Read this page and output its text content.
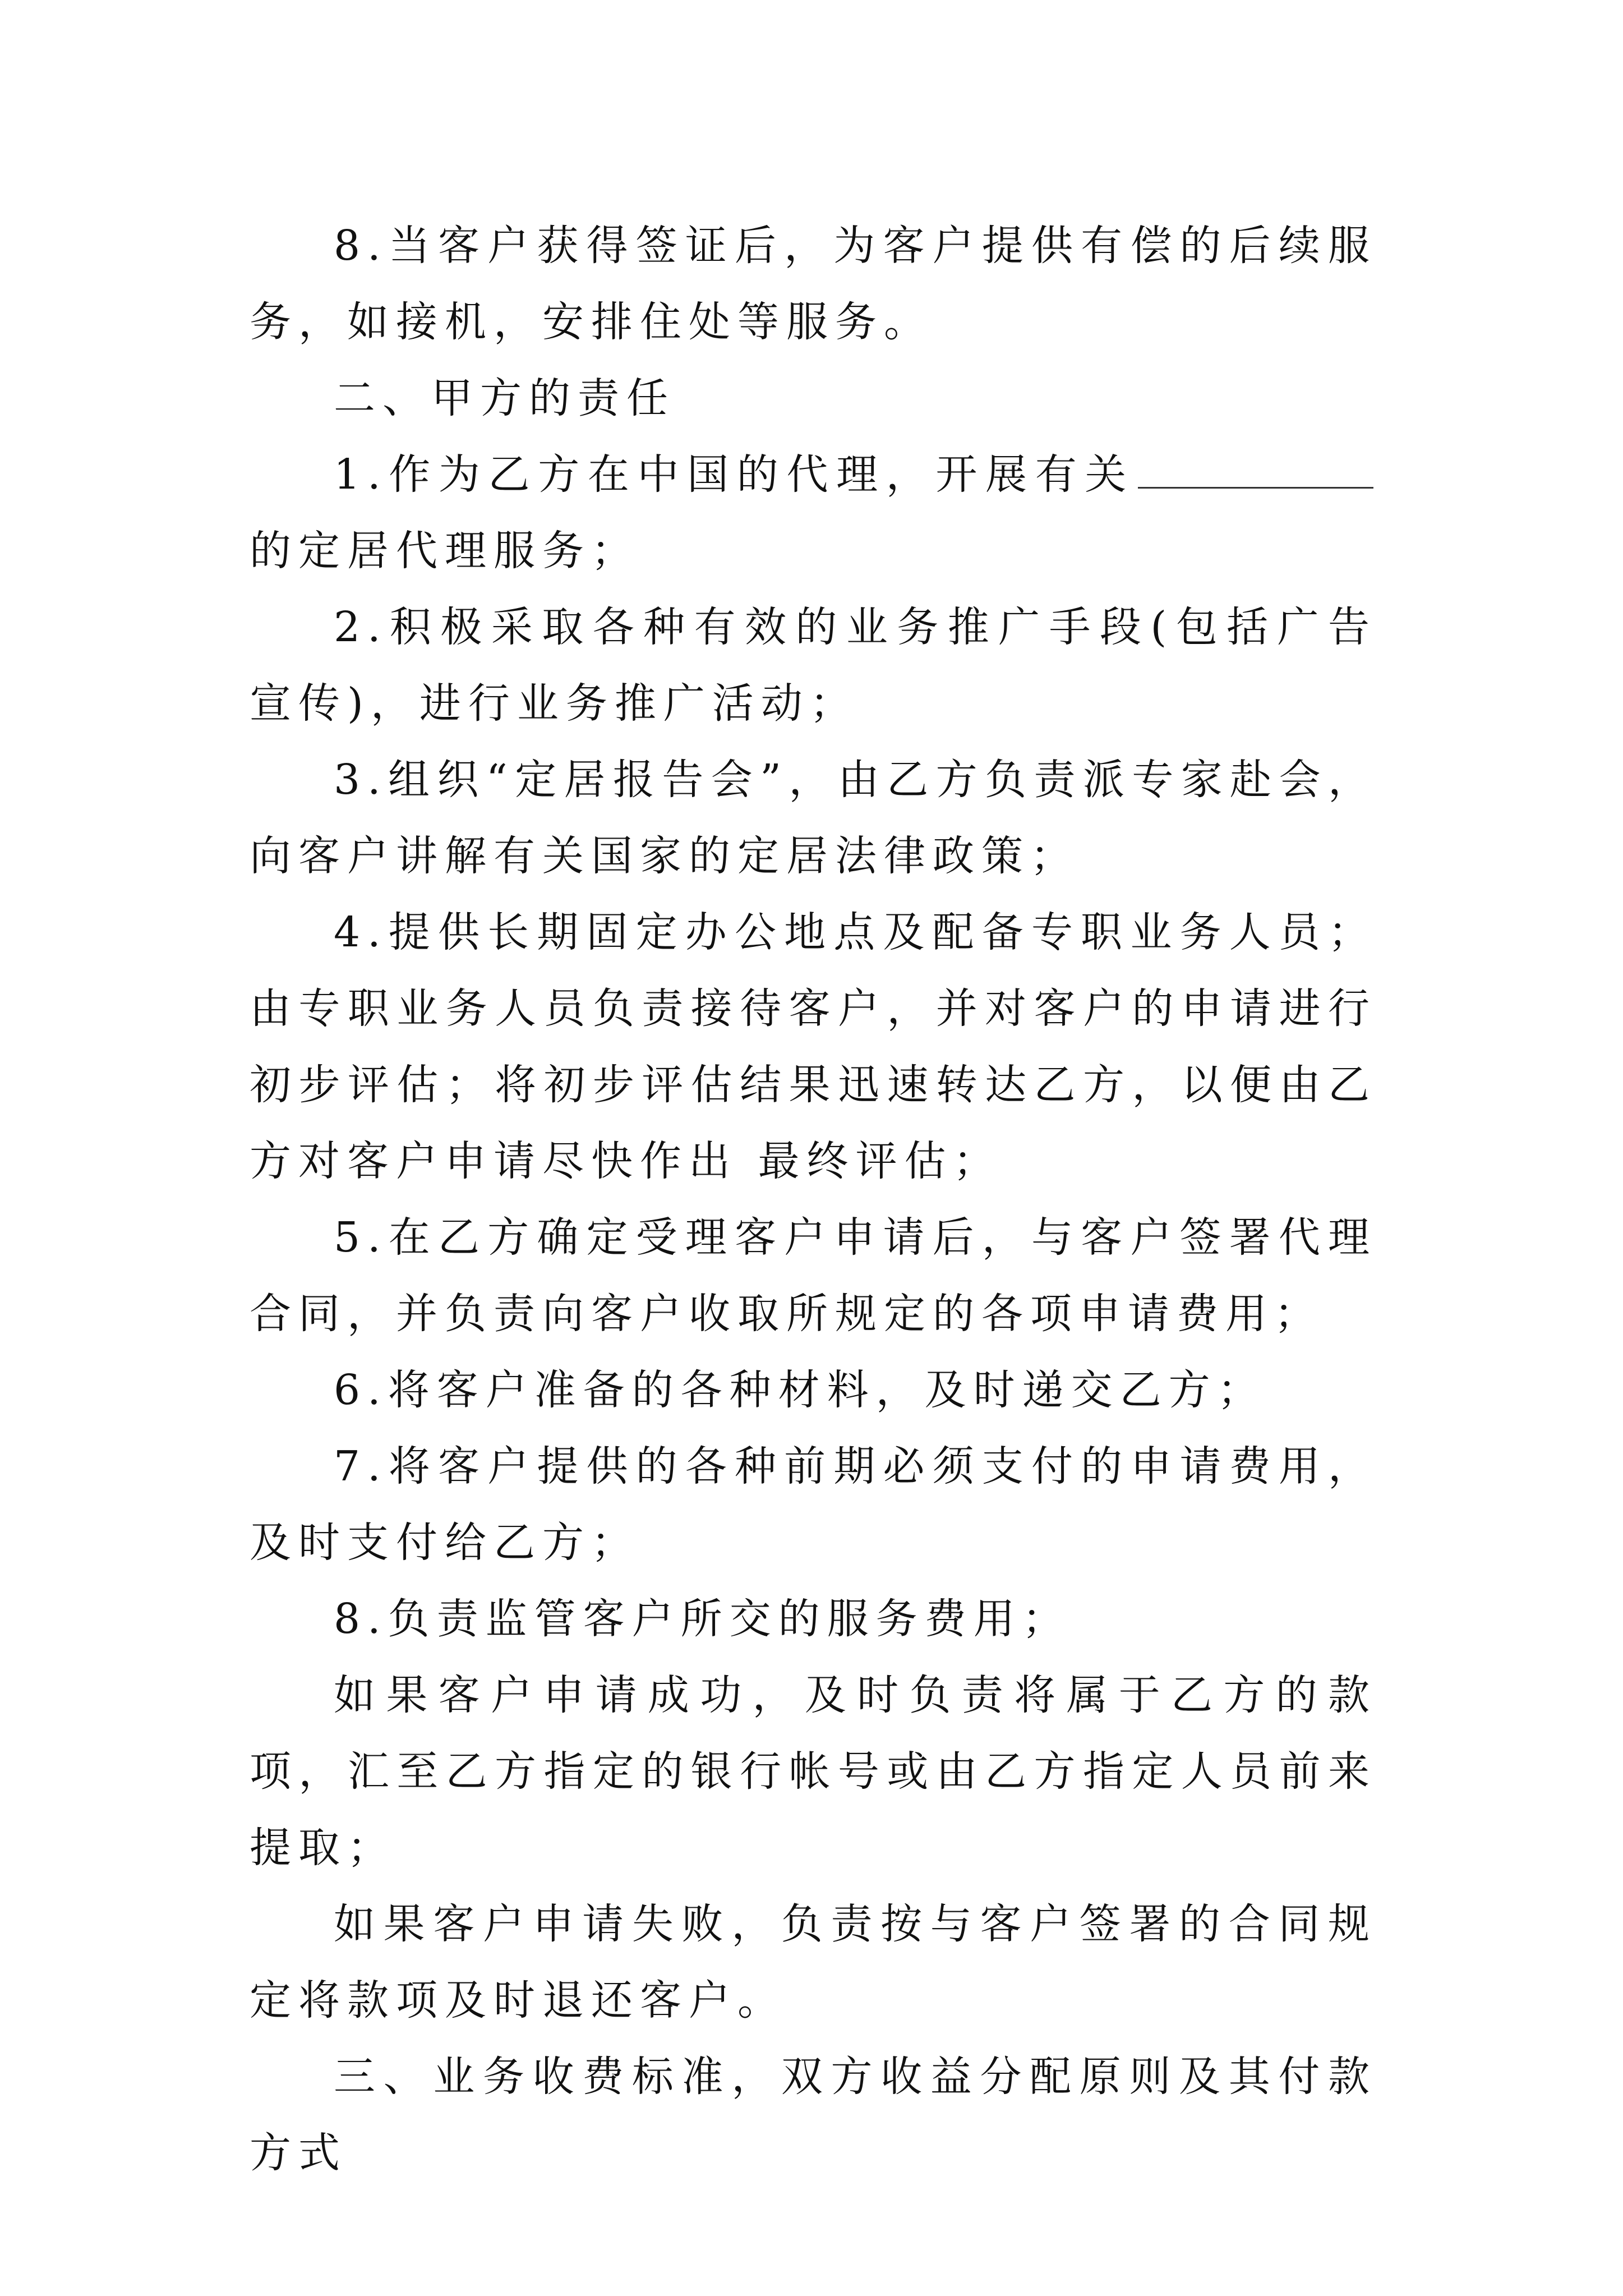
8.当客户获得签证后，为客户提供有偿的后续服务，如接机，安排住处等服务。

二、甲方的责任

1.作为乙方在中国的代理，开展有关的定居代理服务；

2.积极采取各种有效的业务推广手段(包括广告宣传)，进行业务推广活动；

3.组织“定居报告会”，由乙方负责派专家赴会，向客户讲解有关国家的定居法律政策；

4.提供长期固定办公地点及配备专职业务人员；由专职业务人员负责接待客户，并对客户的申请进行初步评估；将初步评估结果迅速转达乙方，以便由乙方对客户申请尽快作出 最终评估；

5.在乙方确定受理客户申请后，与客户签署代理合同，并负责向客户收取所规定的各项申请费用；

6.将客户准备的各种材料，及时递交乙方；

7.将客户提供的各种前期必须支付的申请费用，及时支付给乙方；

8.负责监管客户所交的服务费用；

如果客户申请成功，及时负责将属于乙方的款项，汇至乙方指定的银行帐号或由乙方指定人员前来提取；

如果客户申请失败，负责按与客户签署的合同规定将款项及时退还客户。

三、业务收费标准，双方收益分配原则及其付款方式
